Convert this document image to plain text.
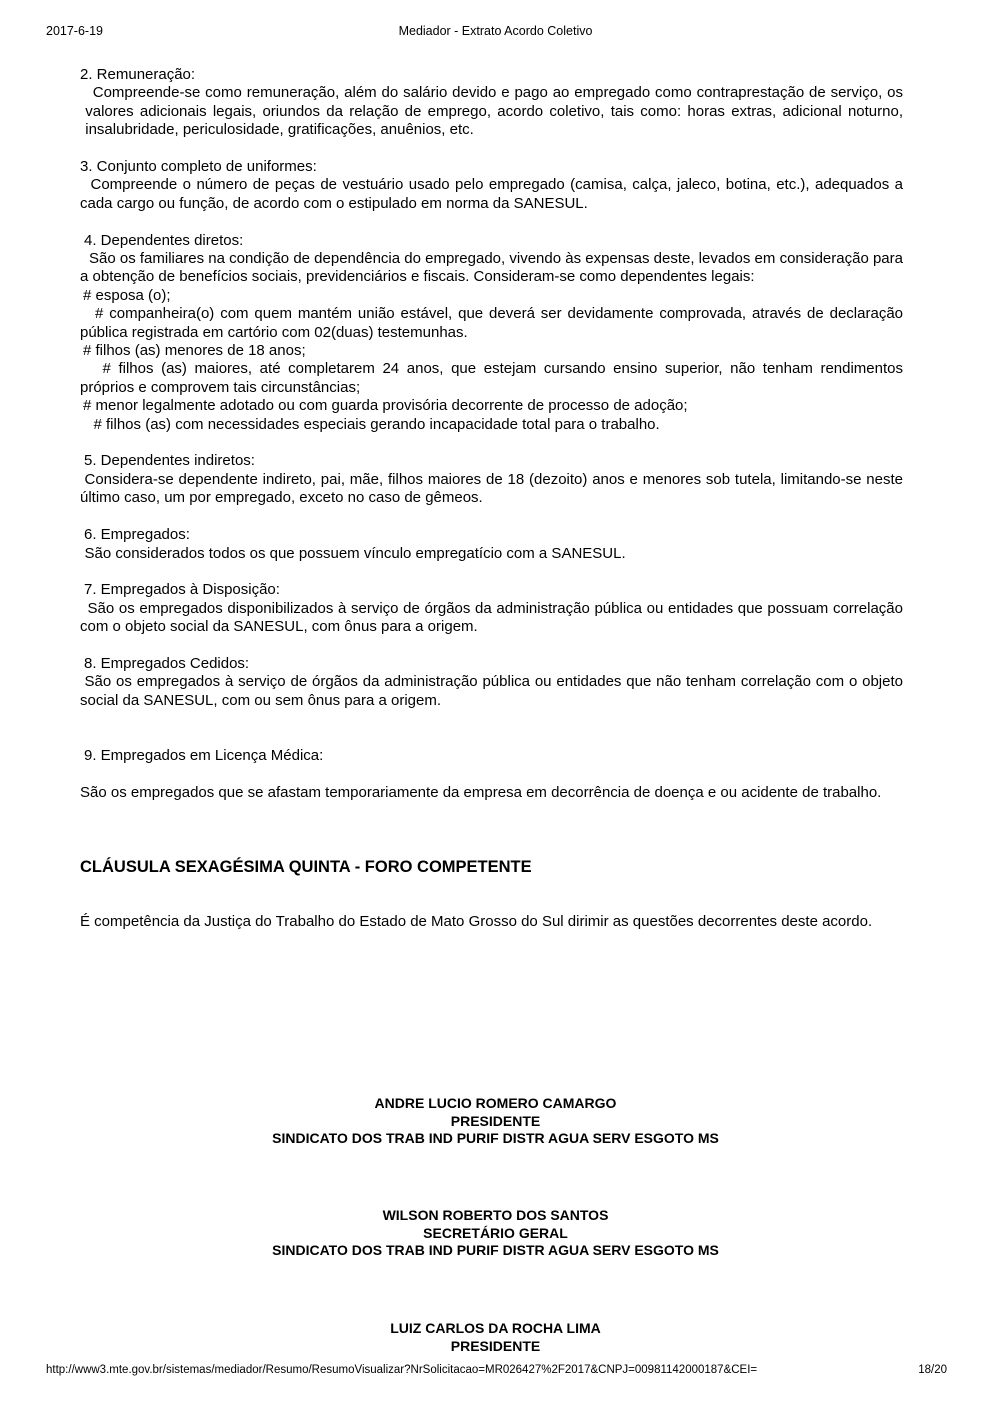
2017-6-19	Mediador - Extrato Acordo Coletivo

2. Remuneração:

Compreende-se como remuneração, além do salário devido e pago ao empregado como contraprestação de serviço, os valores adicionais legais, oriundos da relação de emprego, acordo coletivo, tais como: horas extras, adicional noturno, insalubridade, periculosidade, gratificações, anuênios, etc.

3. Conjunto completo de uniformes:

Compreende o número de peças de vestuário usado pelo empregado (camisa, calça, jaleco, botina, etc.), adequados a cada cargo ou função, de acordo com o estipulado em norma da SANESUL.

4. Dependentes diretos:

São os familiares na condição de dependência do empregado, vivendo às expensas deste, levados em consideração para a obtenção de benefícios sociais, previdenciários e fiscais. Consideram-se como dependentes legais:

# esposa (o);

# companheira(o) com quem mantém união estável, que deverá ser devidamente comprovada, através de declaração pública registrada em cartório com 02(duas) testemunhas.

# filhos (as) menores de 18 anos;

# filhos (as) maiores, até completarem 24 anos, que estejam cursando ensino superior, não tenham rendimentos próprios e comprovem tais circunstâncias;

# menor legalmente adotado ou com guarda provisória decorrente de processo de adoção;

# filhos (as) com necessidades especiais gerando incapacidade total para o trabalho.

5. Dependentes indiretos:

Considera-se dependente indireto, pai, mãe, filhos maiores de 18 (dezoito) anos e menores sob tutela, limitando-se neste último caso, um por empregado, exceto no caso de gêmeos.

6. Empregados:

São considerados todos os que possuem vínculo empregatício com a SANESUL.

7. Empregados à Disposição:

São os empregados disponibilizados à serviço de órgãos da administração pública ou entidades que possuam correlação com o objeto social da SANESUL, com ônus para a origem.

8. Empregados Cedidos:

São os empregados à serviço de órgãos da administração pública ou entidades que não tenham correlação com o objeto social da SANESUL, com ou sem ônus para a origem.

9. Empregados em Licença Médica:

São os empregados que se afastam temporariamente da empresa em decorrência de doença e ou acidente de trabalho.

CLÁUSULA SEXAGÉSIMA QUINTA - FORO COMPETENTE

É competência da Justiça do Trabalho do Estado de Mato Grosso do Sul dirimir as questões decorrentes deste acordo.

ANDRE LUCIO ROMERO CAMARGO
PRESIDENTE
SINDICATO DOS TRAB IND PURIF DISTR AGUA SERV ESGOTO MS
WILSON ROBERTO DOS SANTOS
SECRETÁRIO GERAL
SINDICATO DOS TRAB IND PURIF DISTR AGUA SERV ESGOTO MS
LUIZ CARLOS DA ROCHA LIMA
PRESIDENTE
http://www3.mte.gov.br/sistemas/mediador/Resumo/ResumoVisualizar?NrSolicitacao=MR026427%2F2017&CNPJ=00981142000187&CEI=	18/20
